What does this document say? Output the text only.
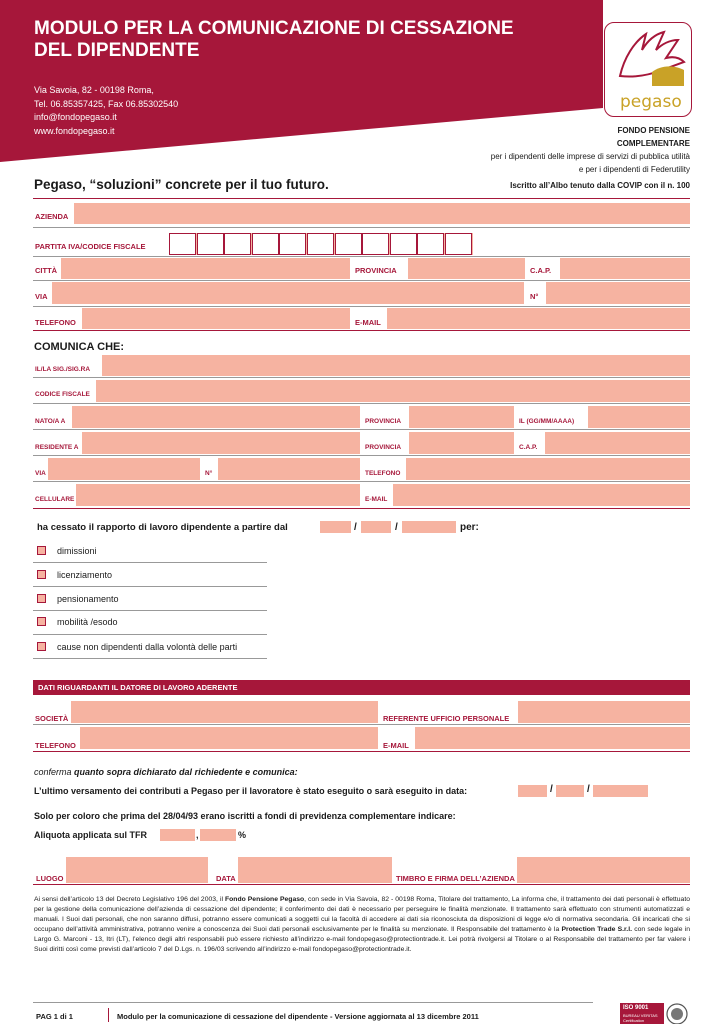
MODULO PER LA COMUNICAZIONE DI CESSAZIONE
DEL DIPENDENTE
Via Savoia, 82 - 00198 Roma,
Tel. 06.85357425, Fax 06.85302540
info@fondopegaso.it
www.fondopegaso.it
pegaso
FONDO PENSIONE
COMPLEMENTARE
per i dipendenti delle imprese di servizi di pubblica utilità
e per i dipendenti di Federutility
Iscritto all’Albo tenuto dalla COVIP con il n. 100
Pegaso, “soluzioni” concrete per il tuo futuro.
AZIENDA
PARTITA IVA/CODICE FISCALE
CITTÀ	PROVINCIA	C.A.P.
VIA	N°
TELEFONO	E-MAIL
COMUNICA CHE:
IL/LA SIG./SIG.RA
CODICE FISCALE
NATO/A A	PROVINCIA	IL (GG/MM/AAAA)
RESIDENTE A	PROVINCIA	C.A.P.
VIA	N°	TELEFONO
CELLULARE	E-MAIL
ha cessato il rapporto di lavoro dipendente a partire dal	/	/	per:
dimissioni
licenziamento
pensionamento
mobilità /esodo
cause non dipendenti dalla volontà delle parti
DATI RIGUARDANTI IL DATORE DI LAVORO ADERENTE
SOCIETÀ	REFERENTE UFFICIO PERSONALE
TELEFONO	E-MAIL
conferma quanto sopra dichiarato dal richiedente e comunica:
L’ultimo versamento dei contributi a Pegaso per il lavoratore è stato eseguito o sarà eseguito in data:	/	/
Solo per coloro che prima del 28/04/93 erano iscritti a fondi di previdenza complementare indicare:
Aliquota applicata sul TFR	,	%
LUOGO	DATA	TIMBRO E FIRMA DELL’AZIENDA
Ai sensi dell’articolo 13 del Decreto Legislativo 196 del 2003, il Fondo Pensione Pegaso, con sede in Via Savoia, 82 - 00198 Roma, Titolare del trattamento, La informa che, il trattamento dei dati personali è effettuato per la gestione della comunicazione dell’azienda di cessazione del dipendente; il conferimento dei dati è necessario per perseguire le finalità menzionate. Il trattamento sarà effettuato con strumenti automatizzati e manuali. I Suoi dati personali, che non saranno diffusi, potranno essere comunicati a soggetti cui la facoltà di accedere ai dati sia riconosciuta da disposizioni di legge e/o di normativa secondaria. Gli incaricati che si occupano dell’attività amministrativa, potranno venire a conoscenza dei Suoi dati personali esclusivamente per le finalità su menzionate. Il Responsabile del trattamento è la Protection Trade S.r.l. con sede legale in Largo G. Marconi - 13, Itri (LT), l’elenco degli altri responsabili può essere richiesto all’indirizzo e-mail fondopegaso@protectiontrade.it. Lei potrà rivolgersi al Titolare o al Responsabile del trattamento per far valere i Suoi diritti così come previsti dall’articolo 7 del D.Lgs. n. 196/03 scrivendo all’indirizzo e-mail fondopegaso@protectiontrade.it.
PAG 1 di 1	Modulo per la comunicazione di cessazione del dipendente - Versione aggiornata al 13 dicembre 2011
ISO 9001
BUREAU VERITAS
Certification
